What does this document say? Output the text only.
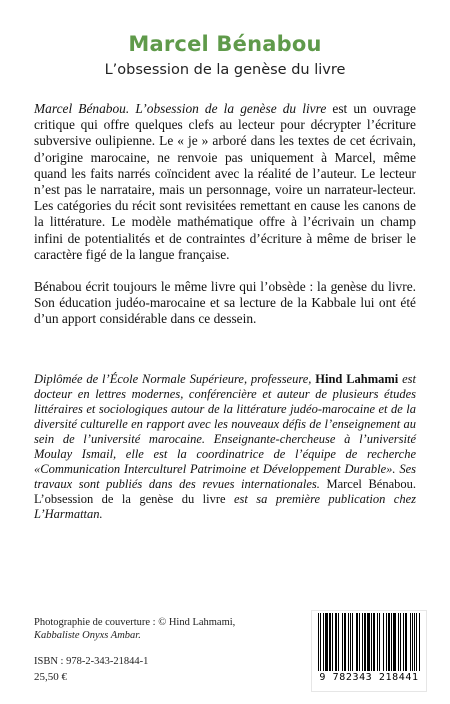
Marcel Bénabou
L’obsession de la genèse du livre

Marcel Bénabou. L’obsession de la genèse du livre est un ouvrage critique qui offre quelques clefs au lecteur pour décrypter l’écriture subversive oulipienne. Le « je » arboré dans les textes de cet écrivain, d’origine marocaine, ne renvoie pas uniquement à Marcel, même quand les faits narrés coïncident avec la réalité de l’auteur. Le lecteur n’est pas le narrataire, mais un personnage, voire un narrateur-lecteur. Les catégories du récit sont revisitées remettant en cause les canons de la littérature. Le modèle mathématique offre à l’écrivain un champ infini de potentialités et de contraintes d’écriture à même de briser le caractère figé de la langue française.

Bénabou écrit toujours le même livre qui l’obsède : la genèse du livre. Son éducation judéo-marocaine et sa lecture de la Kabbale lui ont été d’un apport considérable dans ce dessein.

Diplômée de l’École Normale Supérieure, professeure, Hind Lahmami est docteur en lettres modernes, conférencière et auteur de plusieurs études littéraires et sociologiques autour de la littérature judéo-marocaine et de la diversité culturelle en rapport avec les nouveaux défis de l’enseignement au sein de l’université marocaine. Enseignante-chercheuse à l’université Moulay Ismail, elle est la coordinatrice de l’équipe de recherche «Communication Interculturel Patrimoine et Développement Durable». Ses travaux sont publiés dans des revues internationales. Marcel Bénabou. L’obsession de la genèse du livre est sa première publication chez L’Harmattan.

Photographie de couverture : © Hind Lahmami,
Kabbaliste Onyxs Ambar.
ISBN : 978-2-343-21844-1
25,50 €	9 782343 218441
